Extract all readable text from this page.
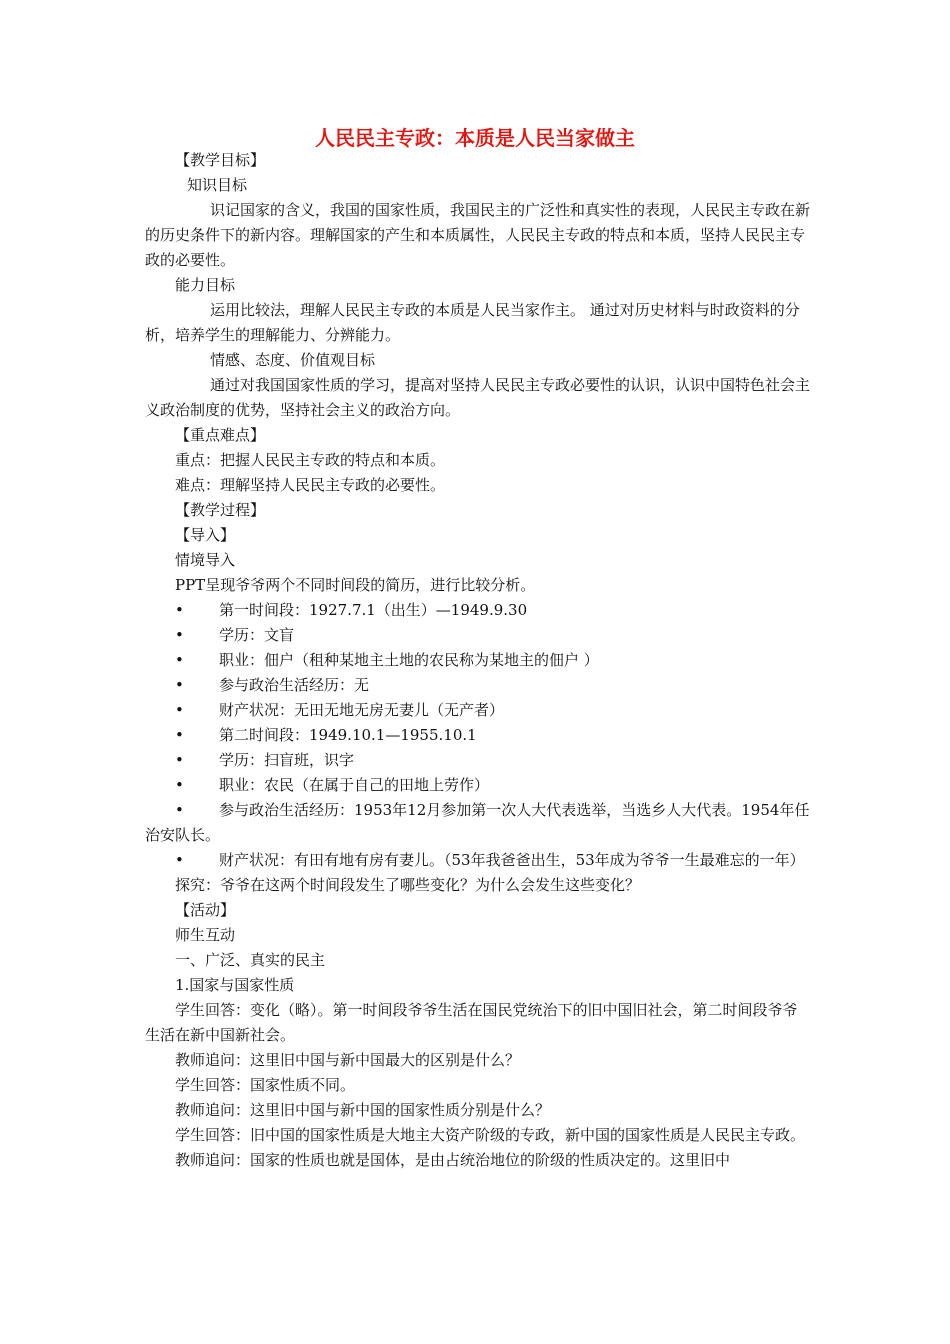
人民民主专政：本质是人民当家做主

【教学目标】

知识目标

识记国家的含义，我国的国家性质，我国民主的广泛性和真实性的表现，人民民主专政在新的历史条件下的新内容。理解国家的产生和本质属性，人民民主专政的特点和本质，坚持人民民主专政的必要性。

能力目标

运用比较法，理解人民民主专政的本质是人民当家作主。 通过对历史材料与时政资料的分析，培养学生的理解能力、分辨能力。

情感、态度、价值观目标

通过对我国国家性质的学习，提高对坚持人民民主专政必要性的认识，认识中国特色社会主义政治制度的优势，坚持社会主义的政治方向。

【重点难点】

重点：把握人民民主专政的特点和本质。

难点：理解坚持人民民主专政的必要性。

【教学过程】

【导入】

情境导入

PPT呈现爷爷两个不同时间段的简历，进行比较分析。

• 第一时间段：1927.7.1（出生）—1949.9.30

• 学历：文盲

• 职业：佃户（租种某地主土地的农民称为某地主的佃户 ）

• 参与政治生活经历：无

• 财产状况：无田无地无房无妻儿（无产者）

• 第二时间段：1949.10.1—1955.10.1

• 学历：扫盲班，识字

• 职业：农民（在属于自己的田地上劳作）

• 参与政治生活经历：1953年12月参加第一次人大代表选举，当选乡人大代表。1954年任治安队长。

• 财产状况：有田有地有房有妻儿。（53年我爸爸出生，53年成为爷爷一生最难忘的一年）

探究：爷爷在这两个时间段发生了哪些变化？为什么会发生这些变化？

【活动】

师生互动

一、广泛、真实的民主

1.国家与国家性质

学生回答：变化（略）。第一时间段爷爷生活在国民党统治下的旧中国旧社会，第二时间段爷爷生活在新中国新社会。

教师追问：这里旧中国与新中国最大的区别是什么？

学生回答：国家性质不同。

教师追问：这里旧中国与新中国的国家性质分别是什么？

学生回答：旧中国的国家性质是大地主大资产阶级的专政，新中国的国家性质是人民民主专政。

教师追问：国家的性质也就是国体，是由占统治地位的阶级的性质决定的。这里旧中
